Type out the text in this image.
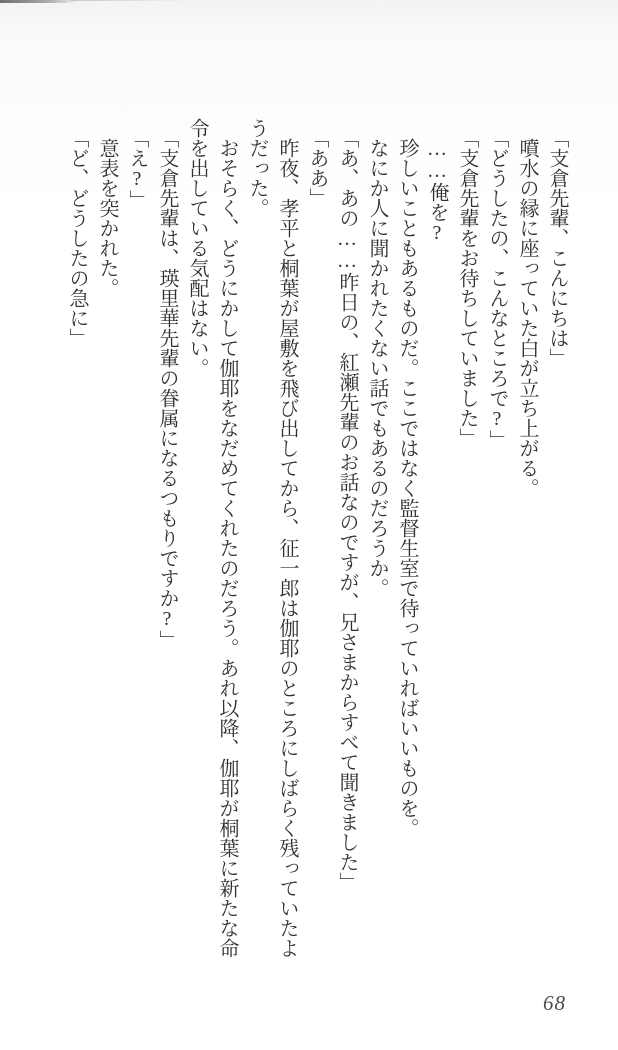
「支倉先輩、こんにちは」

噴水の縁に座っていた白が立ち上がる。

「どうしたの、こんなところで?」

「支倉先輩をお待ちしていました」

……俺を?

珍しいこともあるものだ。ここではなく監督生室で待っていればいいものを。

なにか人に聞かれたくない話でもあるのだろうか。

「あ、あの……昨日の、紅瀬先輩のお話なのですが、兄さまからすべて聞きました」

「ああ」

昨夜、孝平と桐葉が屋敷を飛び出してから、征一郎は伽耶のところにしばらく残っていたようだった。

おそらく、どうにかして伽耶をなだめてくれたのだろう。あれ以降、伽耶が桐葉に新たな命令を出している気配はない。

「支倉先輩は、瑛里華先輩の眷属になるつもりですか?」

「え?」

意表を突かれた。

「ど、どうしたの急に」

68
